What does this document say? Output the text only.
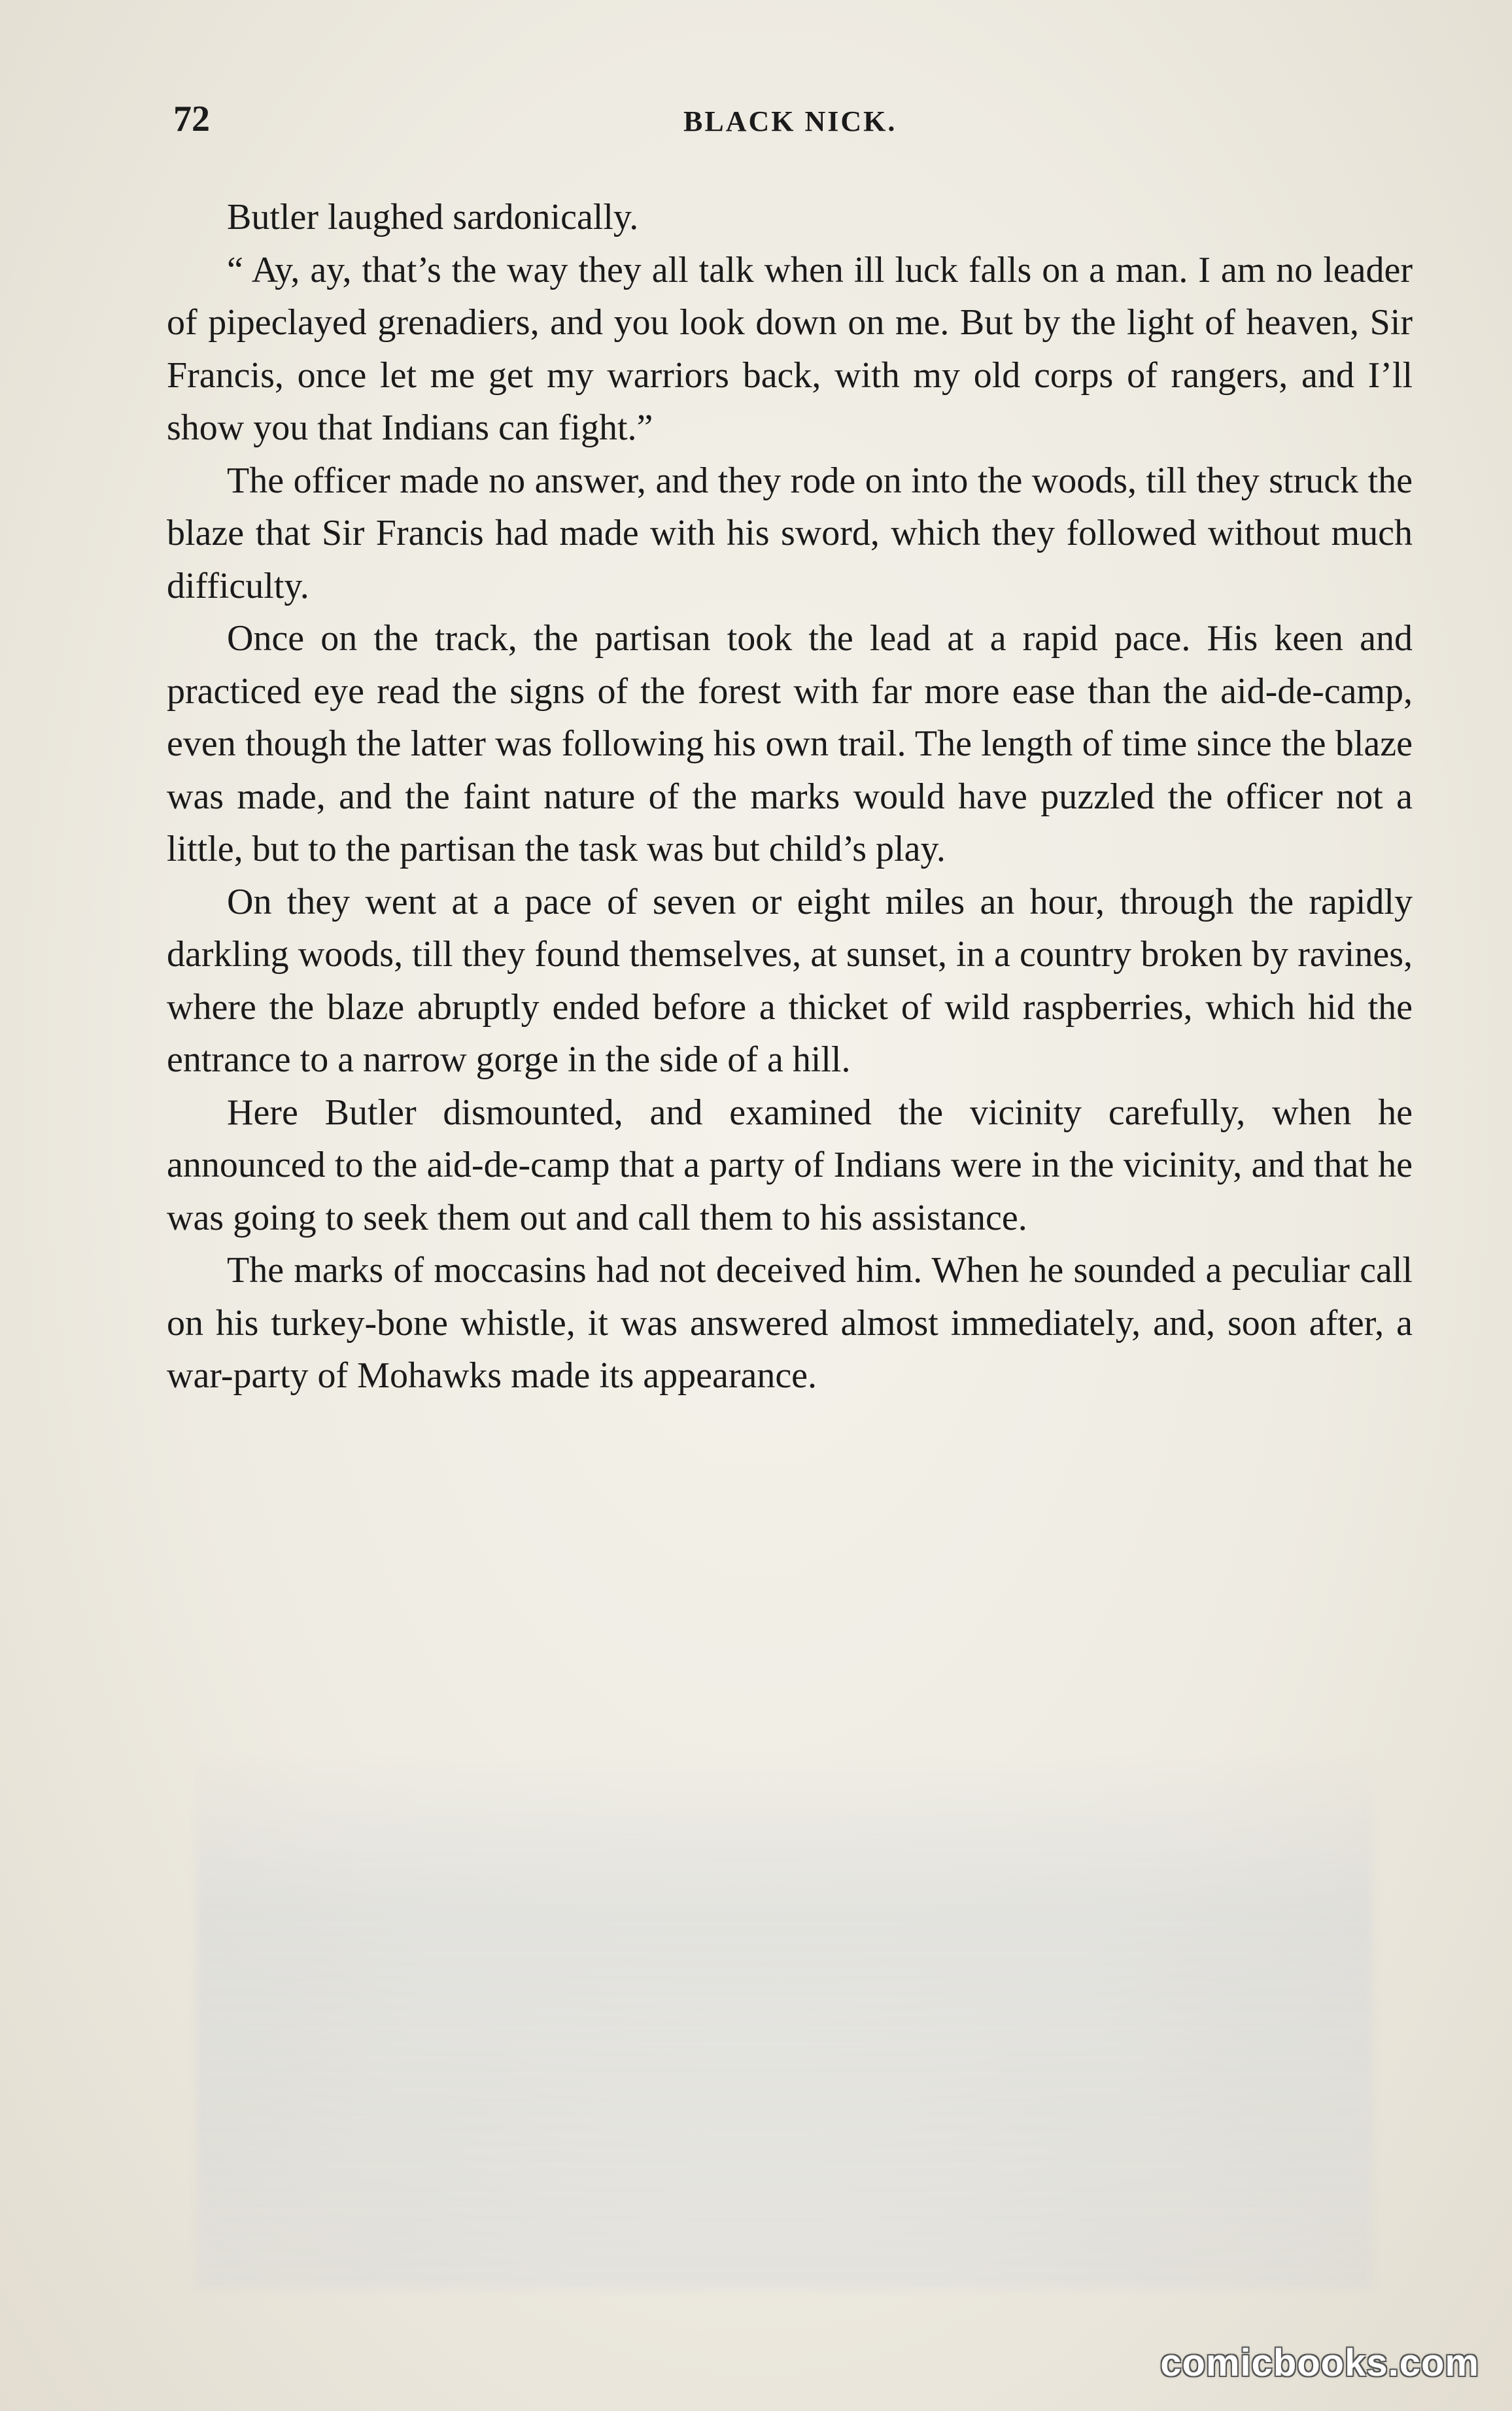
72	BLACK NICK.

Butler laughed sardonically.

“ Ay, ay, that’s the way they all talk when ill luck falls on a man. I am no leader of pipeclayed grenadiers, and you look down on me. But by the light of heaven, Sir Francis, once let me get my warriors back, with my old corps of rangers, and I’ll show you that Indians can fight.”

The officer made no answer, and they rode on into the woods, till they struck the blaze that Sir Francis had made with his sword, which they followed without much difficulty.

Once on the track, the partisan took the lead at a rapid pace. His keen and practiced eye read the signs of the forest with far more ease than the aid-de-camp, even though the latter was following his own trail. The length of time since the blaze was made, and the faint nature of the marks would have puzzled the officer not a little, but to the partisan the task was but child’s play.

On they went at a pace of seven or eight miles an hour, through the rapidly darkling woods, till they found themselves, at sunset, in a country broken by ravines, where the blaze abruptly ended before a thicket of wild raspberries, which hid the entrance to a narrow gorge in the side of a hill.

Here Butler dismounted, and examined the vicinity carefully, when he announced to the aid-de-camp that a party of Indians were in the vicinity, and that he was going to seek them out and call them to his assistance.

The marks of moccasins had not deceived him. When he sounded a peculiar call on his turkey-bone whistle, it was answered almost immediately, and, soon after, a war-party of Mohawks made its appearance.

comicbooks.com
